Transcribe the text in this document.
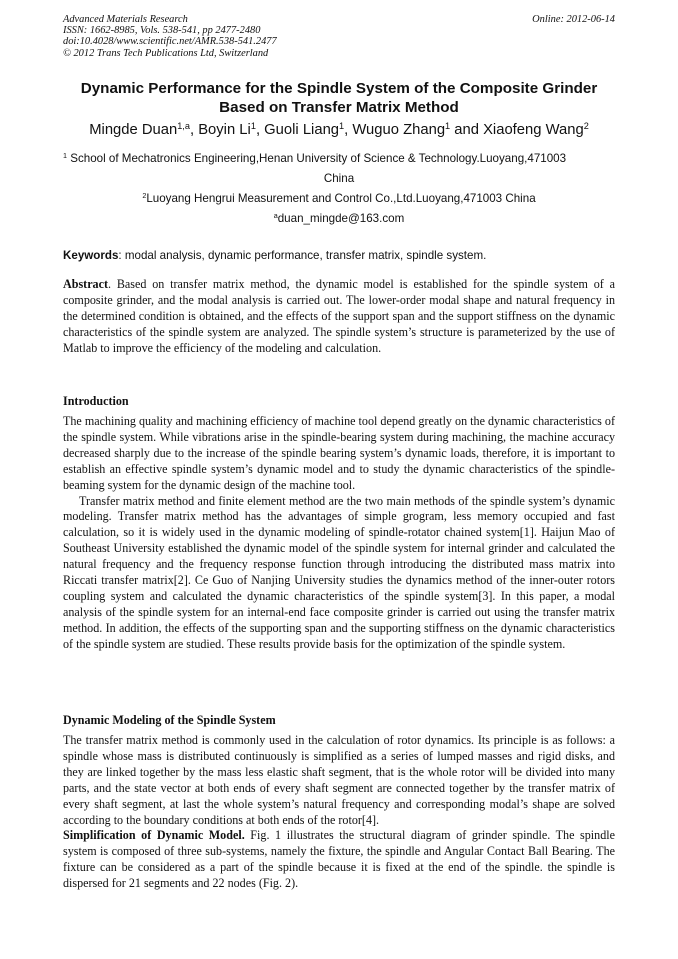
Advanced Materials Research
ISSN: 1662-8985, Vols. 538-541, pp 2477-2480
doi:10.4028/www.scientific.net/AMR.538-541.2477
© 2012 Trans Tech Publications Ltd, Switzerland
Online: 2012-06-14
Dynamic Performance for the Spindle System of the Composite Grinder
Based on Transfer Matrix Method
Mingde Duan$^{1,a}$, Boyin Li$^1$, Guoli Liang$^1$, Wuguo Zhang$^1$ and Xiaofeng Wang$^2$
$^1$ School of Mechatronics Engineering,Henan University of Science & Technology.Luoyang,471003
China
$^2$Luoyang Hengrui Measurement and Control Co.,Ltd.Luoyang,471003 China
$^a$duan_mingde@163.com
Keywords: modal analysis, dynamic performance, transfer matrix, spindle system.

Abstract. Based on transfer matrix method, the dynamic model is established for the spindle system of a composite grinder, and the modal analysis is carried out. The lower-order modal shape and natural frequency in the determined condition is obtained, and the effects of the support span and the support stiffness on the dynamic characteristics of the spindle system are analyzed. The spindle system’s structure is parameterized by the use of Matlab to improve the efficiency of the modeling and calculation.

Introduction

The machining quality and machining efficiency of machine tool depend greatly on the dynamic characteristics of the spindle system. While vibrations arise in the spindle-bearing system during machining, the machine accuracy decreased sharply due to the increase of the spindle bearing system’s dynamic loads, therefore, it is important to establish an effective spindle system’s dynamic model and to study the dynamic characteristics of the spindle-beaming system for the dynamic design of the machine tool.

Transfer matrix method and finite element method are the two main methods of the spindle system’s dynamic modeling. Transfer matrix method has the advantages of simple grogram, less memory occupied and fast calculation, so it is widely used in the dynamic modeling of spindle-rotator chained system[1]. Haijun Mao of Southeast University established the dynamic model of the spindle system for internal grinder and calculated the natural frequency and the frequency response function through introducing the distributed mass matrix into Riccati transfer matrix[2]. Ce Guo of Nanjing University studies the dynamics method of the inner-outer rotors coupling system and calculated the dynamic characteristics of the spindle system[3]. In this paper, a modal analysis of the spindle system for an internal-end face composite grinder is carried out using the transfer matrix method. In addition, the effects of the supporting span and the supporting stiffness on the dynamic characteristics of the spindle system are studied. These results provide basis for the optimization of the spindle system.

Dynamic Modeling of the Spindle System

The transfer matrix method is commonly used in the calculation of rotor dynamics. Its principle is as follows: a spindle whose mass is distributed continuously is simplified as a series of lumped masses and rigid disks, and they are linked together by the mass less elastic shaft segment, that is the whole rotor will be divided into many parts, and the state vector at both ends of every shaft segment are connected together by the transfer matrix of every shaft segment, at last the whole system’s natural frequency and corresponding modal’s shape are solved according to the boundary conditions at both ends of the rotor[4].

Simplification of Dynamic Model. Fig. 1 illustrates the structural diagram of grinder spindle. The spindle system is composed of three sub-systems, namely the fixture, the spindle and Angular Contact Ball Bearing. The fixture can be considered as a part of the spindle because it is fixed at the end of the spindle. the spindle is dispersed for 21 segments and 22 nodes (Fig. 2).
